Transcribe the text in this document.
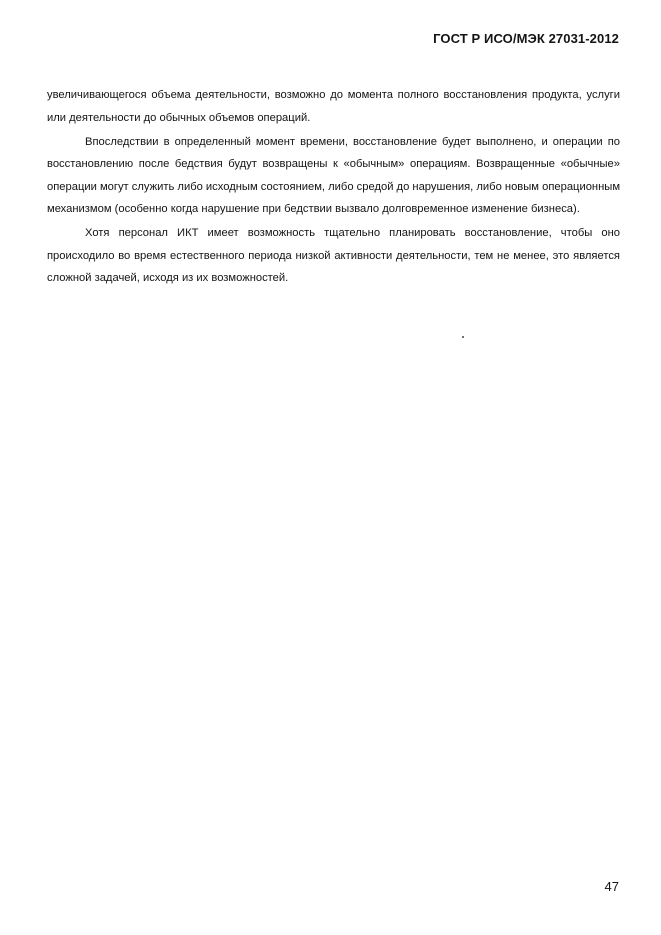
ГОСТ Р ИСО/МЭК 27031-2012

увеличивающегося объема деятельности, возможно до момента полного восстановления продукта, услуги или деятельности до обычных объемов операций.

Впоследствии в определенный момент времени, восстановление будет выполнено, и операции по восстановлению после бедствия будут возвращены к «обычным» операциям. Возвращенные «обычные» операции могут служить либо исходным состоянием, либо средой до нарушения, либо новым операционным механизмом (особенно когда нарушение при бедствии вызвало долговременное изменение бизнеса).

Хотя персонал ИКТ имеет возможность тщательно планировать восстановление, чтобы оно происходило во время естественного периода низкой активности деятельности, тем не менее, это является сложной задачей, исходя из их возможностей.

47
